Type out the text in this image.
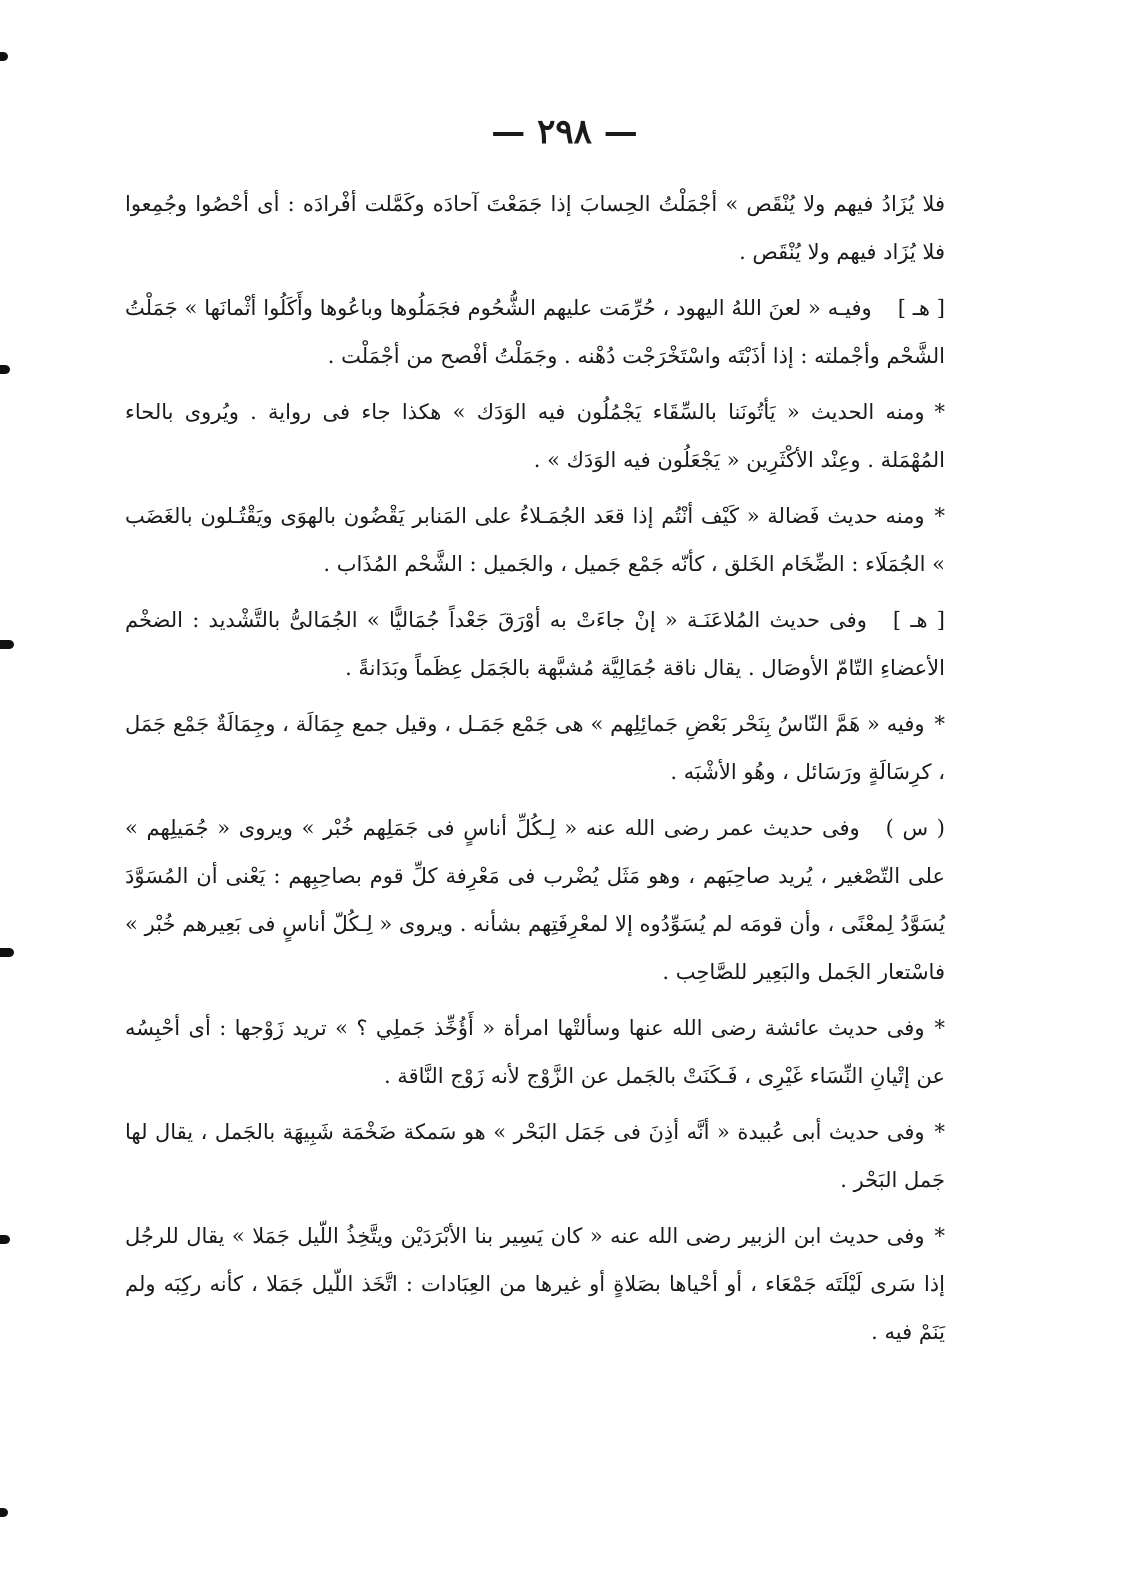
— ٢٩٨ —

فلا يُزَادُ فيهم ولا يُنْقَص » أجْمَلْتُ الحِسابَ إذا جَمَعْتَ آحادَه وكَمَّلت أفْرادَه : أى أحْصُوا وجُمِعوا فلا يُزَاد فيهم ولا يُنْقَص .

[ هـ ]وفيـه « لعنَ اللهُ اليهود ، حُرِّمَت عليهم الشُّحُوم فجَمَلُوها وباعُوها وأَكَلُوا أثْمانَها » جَمَلْتُ الشَّحْم وأجْملته : إذا أذَبْتَه واسْتَخْرَجْت دُهْنه . وجَمَلْتُ أفْصح من أجْمَلْت .

*ومنه الحديث « يَأتُونَنا بالسِّقَاء يَجْمُلُون فيه الوَدَك » هكذا جاء فى رواية . ويُروى بالحاء المُهْمَلة . وعِنْد الأكْثَرِين « يَجْعَلُون فيه الوَدَك » .

*ومنه حديث فَضالة « كَيْف أنْتُم إذا قعَد الجُمَـلاءُ على المَنابر يَقْضُون بالهوَى ويَقْتُـلون بالغَضَب » الجُمَلَاء : الضِّخَام الخَلق ، كأنّه جَمْع جَميل ، والجَميل : الشَّحْم المُذَاب .

[ هـ ]وفى حديث المُلاعَنَـة « إنْ جاءَتْ به أوْرَقَ جَعْداً جُمَاليًّا » الجُمَالىُّ بالتَّشْديد : الضخْم الأعضاءِ التّامّ الأوصَال . يقال ناقة جُمَالِيَّة مُشبَّهة بالجَمَل عِظَماً وبَدَانةً .

*وفيه « هَمَّ النّاسُ بِنَحْر بَعْضِ جَمائِلِهم » هى جَمْع جَمَـل ، وقيل جمع جِمَالَة ، وجِمَالَةٌ جَمْع جَمَل ، كرِسَالَةٍ ورَسَائل ، وهُو الأشْبَه .

( س )وفى حديث عمر رضى الله عنه « لِـكُلِّ أناسٍ فى جَمَلِهم خُبْر » ويروى « جُمَيلِهم » على التّصْغير ، يُريد صاحِبَهم ، وهو مَثَل يُضْرب فى مَعْرِفة كلِّ قوم بصاحِبِهم : يَعْنى أن المُسَوَّدَ يُسَوَّدُ لِمعْنًى ، وأن قومَه لم يُسَوِّدُوه إلا لمعْرِفَتِهم بشأنه . ويروى « لِـكُلّ أناسٍ فى بَعِيرهم خُبْر » فاسْتعار الجَمل والبَعِير للصَّاحِب .

*وفى حديث عائشة رضى الله عنها وسألتْها امرأة « أَؤُخِّذ جَملِي ؟ » تريد زَوْجها : أى أحْبِسُه عن إتْيانِ النِّسَاء غَيْرِى ، فَـكَنَتْ بالجَمل عن الزَّوْج لأنه زَوْج النَّاقة .

*وفى حديث أبى عُبيدة « أنَّه أذِنَ فى جَمَل البَحْر » هو سَمكة ضَخْمَة شَبِيهَة بالجَمل ، يقال لها جَمل البَحْر .

*وفى حديث ابن الزبير رضى الله عنه « كان يَسِير بنا الأبْرَدَيْن ويتَّخِذُ اللّيل جَمَلا » يقال للرجُل إذا سَرى لَيْلَتَه جَمْعَاء ، أو أحْياها بصَلاةٍ أو غيرها من العِبَادات : اتَّخَذ اللّيل جَمَلا ، كأنه ركِبَه ولم يَنَمْ فيه .
